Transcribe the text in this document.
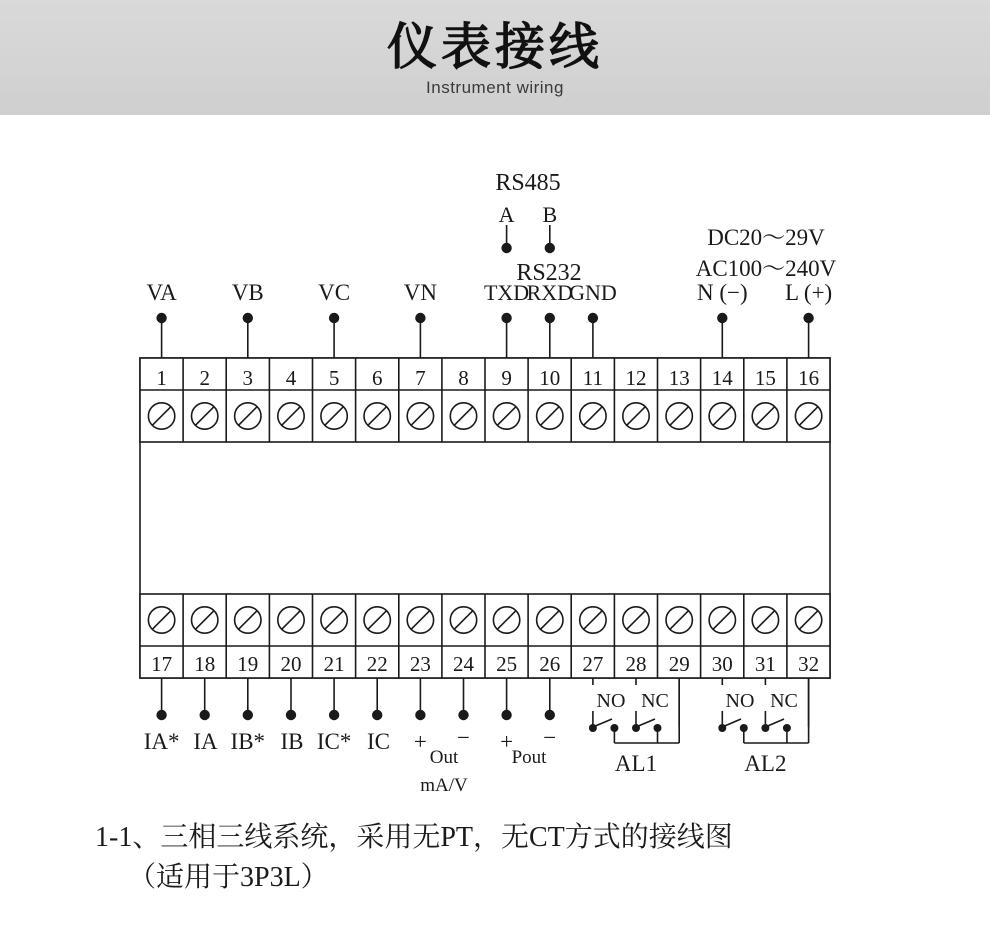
仪表接线
Instrument wiring
RS485
A B
RS232
DC20～29V
AC100～240V
VA VB VC VN TXD
RXD
GND	N (−) L (+)
1 2 3 4 5 6 7 8 9 10 11 12 13 14 15 16
17 18 19 20 21 22 23 24 25 26 27 28 29 30 31 32
IA* IA IB* IB IC* IC + −
Out
mA/V
+ −
Pout
NO NC
AL1
NO NC
AL2
1-1、三相三线系统，采用无PT，无CT方式的接线图
（适用于3P3L）
